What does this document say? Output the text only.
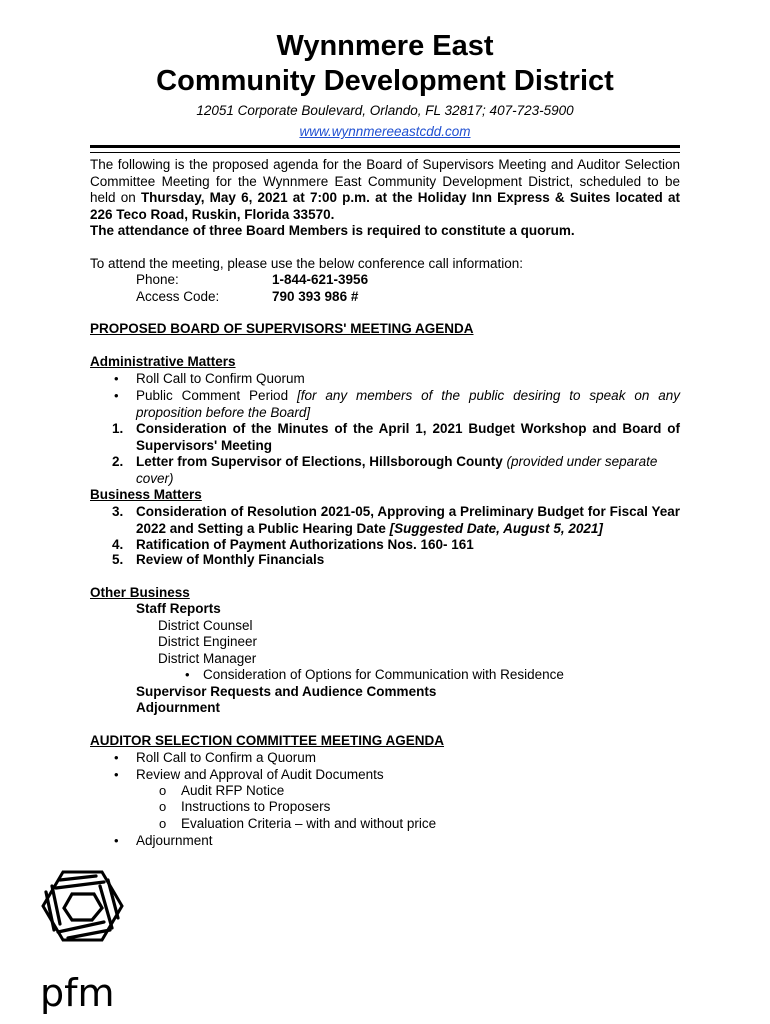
Wynnmere East
Community Development District
12051 Corporate Boulevard, Orlando, FL 32817; 407-723-5900
www.wynnmereeastcdd.com
The following is the proposed agenda for the Board of Supervisors Meeting and Auditor Selection Committee Meeting for the Wynnmere East Community Development District, scheduled to be held on Thursday, May 6, 2021 at 7:00 p.m. at the Holiday Inn Express & Suites located at 226 Teco Road, Ruskin, Florida 33570.
The attendance of three Board Members is required to constitute a quorum.
To attend the meeting, please use the below conference call information:
Phone:	1-844-621-3956
Access Code:	790 393 986 #
PROPOSED BOARD OF SUPERVISORS' MEETING AGENDA
Administrative Matters
• Roll Call to Confirm Quorum
• Public Comment Period [for any members of the public desiring to speak on any proposition before the Board]
1. Consideration of the Minutes of the April 1, 2021 Budget Workshop and Board of Supervisors' Meeting
2. Letter from Supervisor of Elections, Hillsborough County (provided under separate cover)
Business Matters
3. Consideration of Resolution 2021-05, Approving a Preliminary Budget for Fiscal Year 2022 and Setting a Public Hearing Date [Suggested Date, August 5, 2021]
4. Ratification of Payment Authorizations Nos. 160- 161
5. Review of Monthly Financials
Other Business
Staff Reports
District Counsel
District Engineer
District Manager
• Consideration of Options for Communication with Residence
Supervisor Requests and Audience Comments
Adjournment
AUDITOR SELECTION COMMITTEE MEETING AGENDA
• Roll Call to Confirm a Quorum
• Review and Approval of Audit Documents
o Audit RFP Notice
o Instructions to Proposers
o Evaluation Criteria – with and without price
• Adjournment
pfm
